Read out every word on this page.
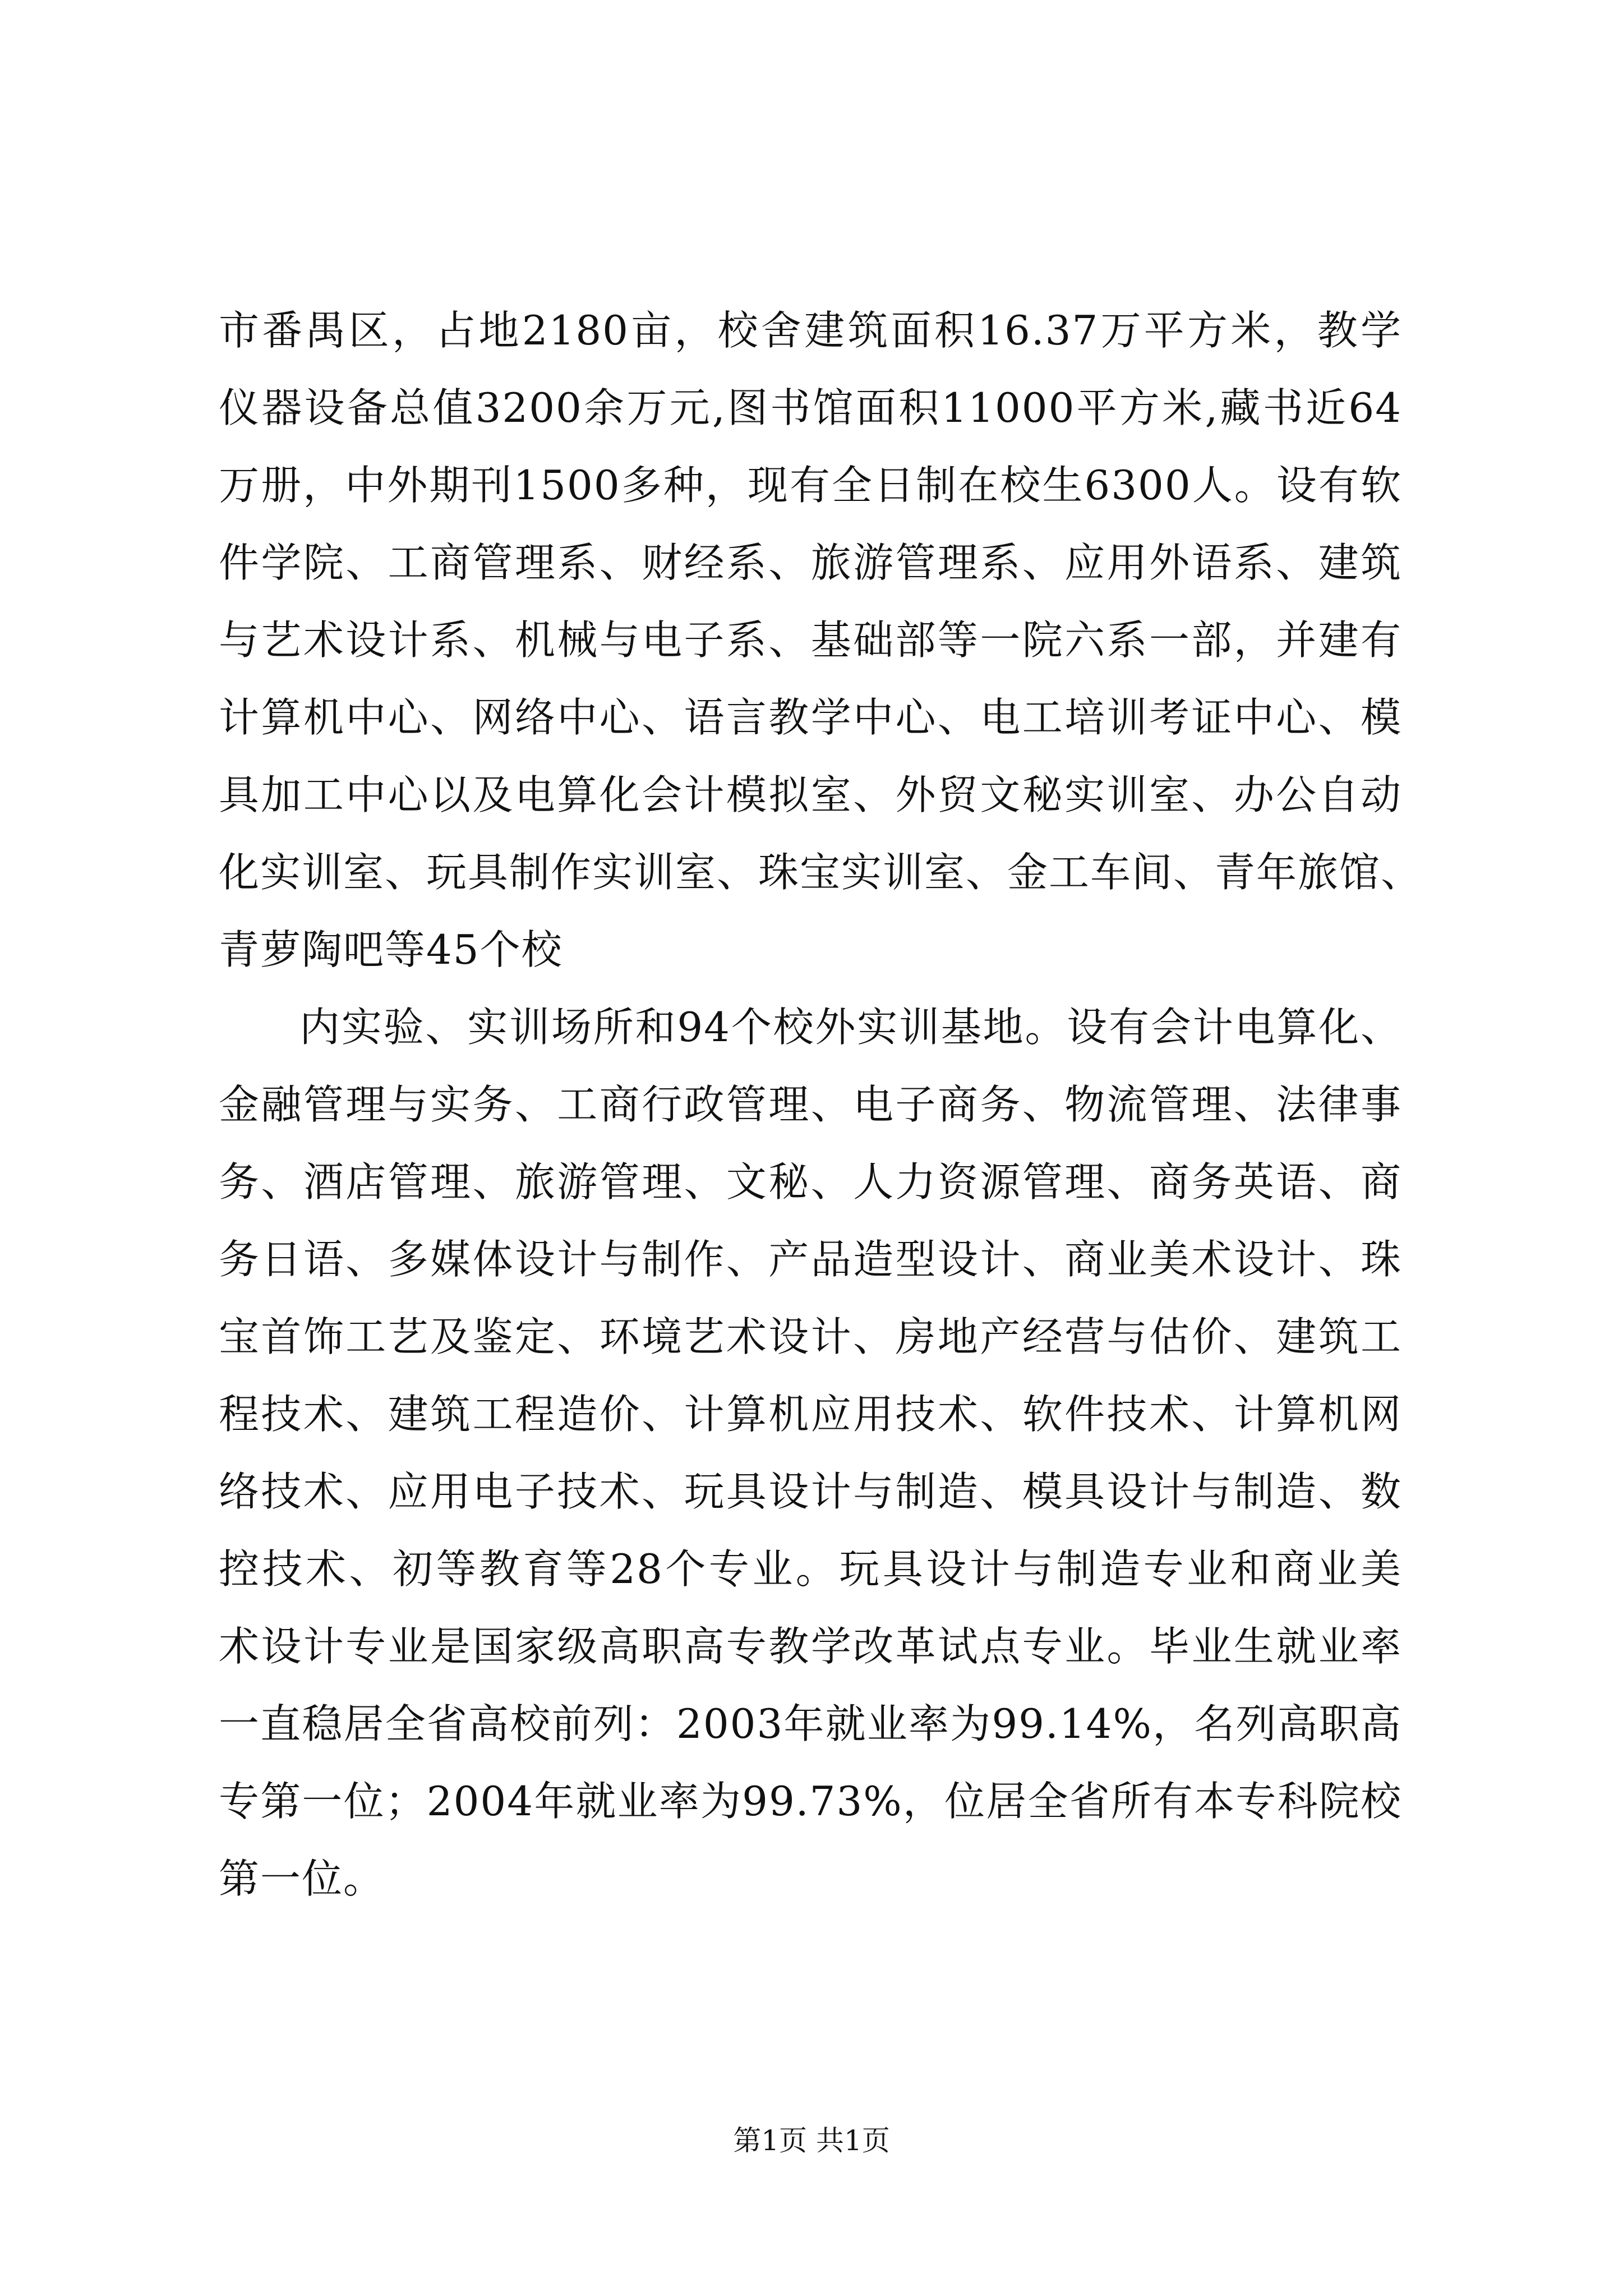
市番禺区，占地2180亩，校舍建筑面积16.37万平方米，教学
仪器设备总值3200余万元,图书馆面积11000平方米,藏书近64
万册，中外期刊1500多种，现有全日制在校生6300人。设有软
件学院、工商管理系、财经系、旅游管理系、应用外语系、建筑
与艺术设计系、机械与电子系、基础部等一院六系一部，并建有
计算机中心、网络中心、语言教学中心、电工培训考证中心、模
具加工中心以及电算化会计模拟室、外贸文秘实训室、办公自动
化实训室、玩具制作实训室、珠宝实训室、金工车间、青年旅馆、
青萝陶吧等45个校
内实验、实训场所和94个校外实训基地。设有会计电算化、
金融管理与实务、工商行政管理、电子商务、物流管理、法律事
务、酒店管理、旅游管理、文秘、人力资源管理、商务英语、商
务日语、多媒体设计与制作、产品造型设计、商业美术设计、珠
宝首饰工艺及鉴定、环境艺术设计、房地产经营与估价、建筑工
程技术、建筑工程造价、计算机应用技术、软件技术、计算机网
络技术、应用电子技术、玩具设计与制造、模具设计与制造、数
控技术、初等教育等28个专业。玩具设计与制造专业和商业美
术设计专业是国家级高职高专教学改革试点专业。毕业生就业率
一直稳居全省高校前列：2003年就业率为99.14%，名列高职高
专第一位；2004年就业率为99.73%，位居全省所有本专科院校
第一位。
第1页 共1页
